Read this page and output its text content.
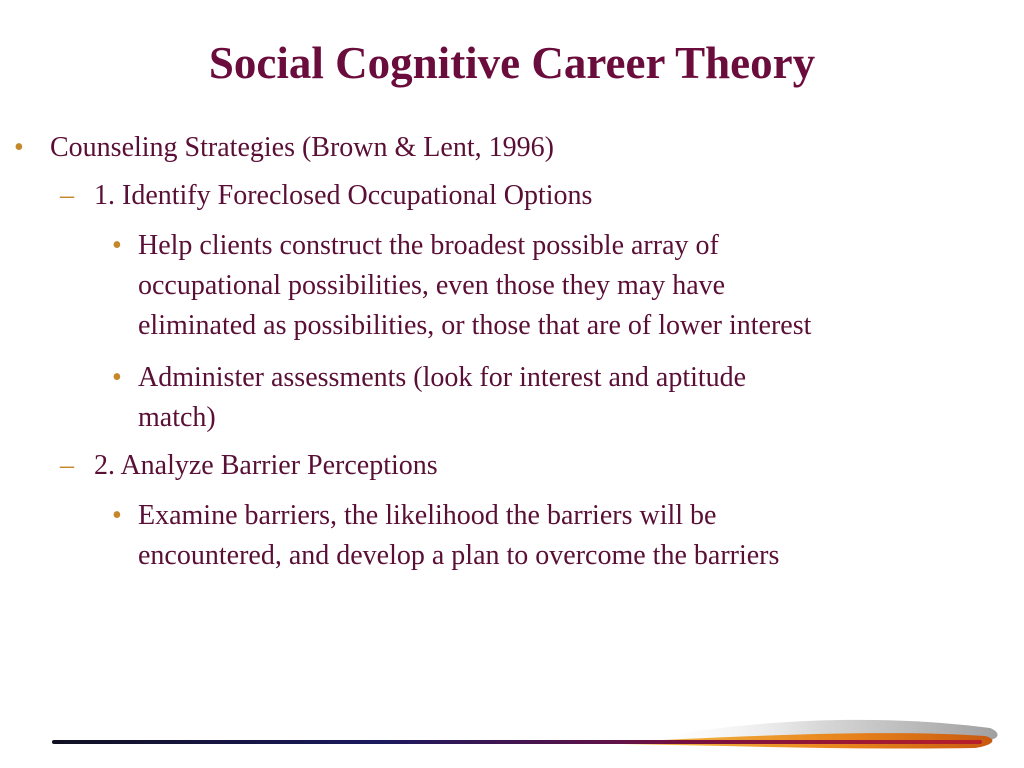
Social Cognitive Career Theory
• Counseling Strategies (Brown & Lent, 1996)
– 1. Identify Foreclosed Occupational Options
• Help clients construct the broadest possible array of
occupational possibilities, even those they may have
eliminated as possibilities, or those that are of lower interest
• Administer assessments (look for interest and aptitude
match)
– 2. Analyze Barrier Perceptions
• Examine barriers, the likelihood the barriers will be
encountered, and develop a plan to overcome the barriers
